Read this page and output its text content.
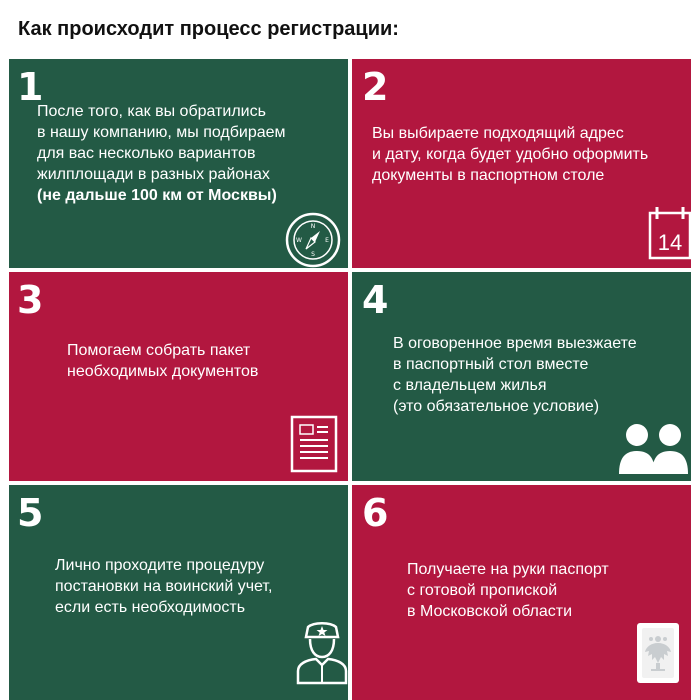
Как происходит процесс регистрации:
1
После того, как вы обратились
в нашу компанию, мы подбираем
для вас несколько вариантов
жилплощади в разных районах
(не дальше 100 км от Москвы)
N
E
S
W
2
Вы выбираете подходящий адрес
и дату, когда будет удобно оформить
документы в паспортном столе
14
3
Помогаем собрать пакет
необходимых документов
4
В оговоренное время выезжаете
в паспортный стол вместе
с владельцем жилья
(это обязательное условие)
5
Лично проходите процедуру
постановки на воинский учет,
если есть необходимость
6
Получаете на руки паспорт
с готовой пропиской
в Московской области
